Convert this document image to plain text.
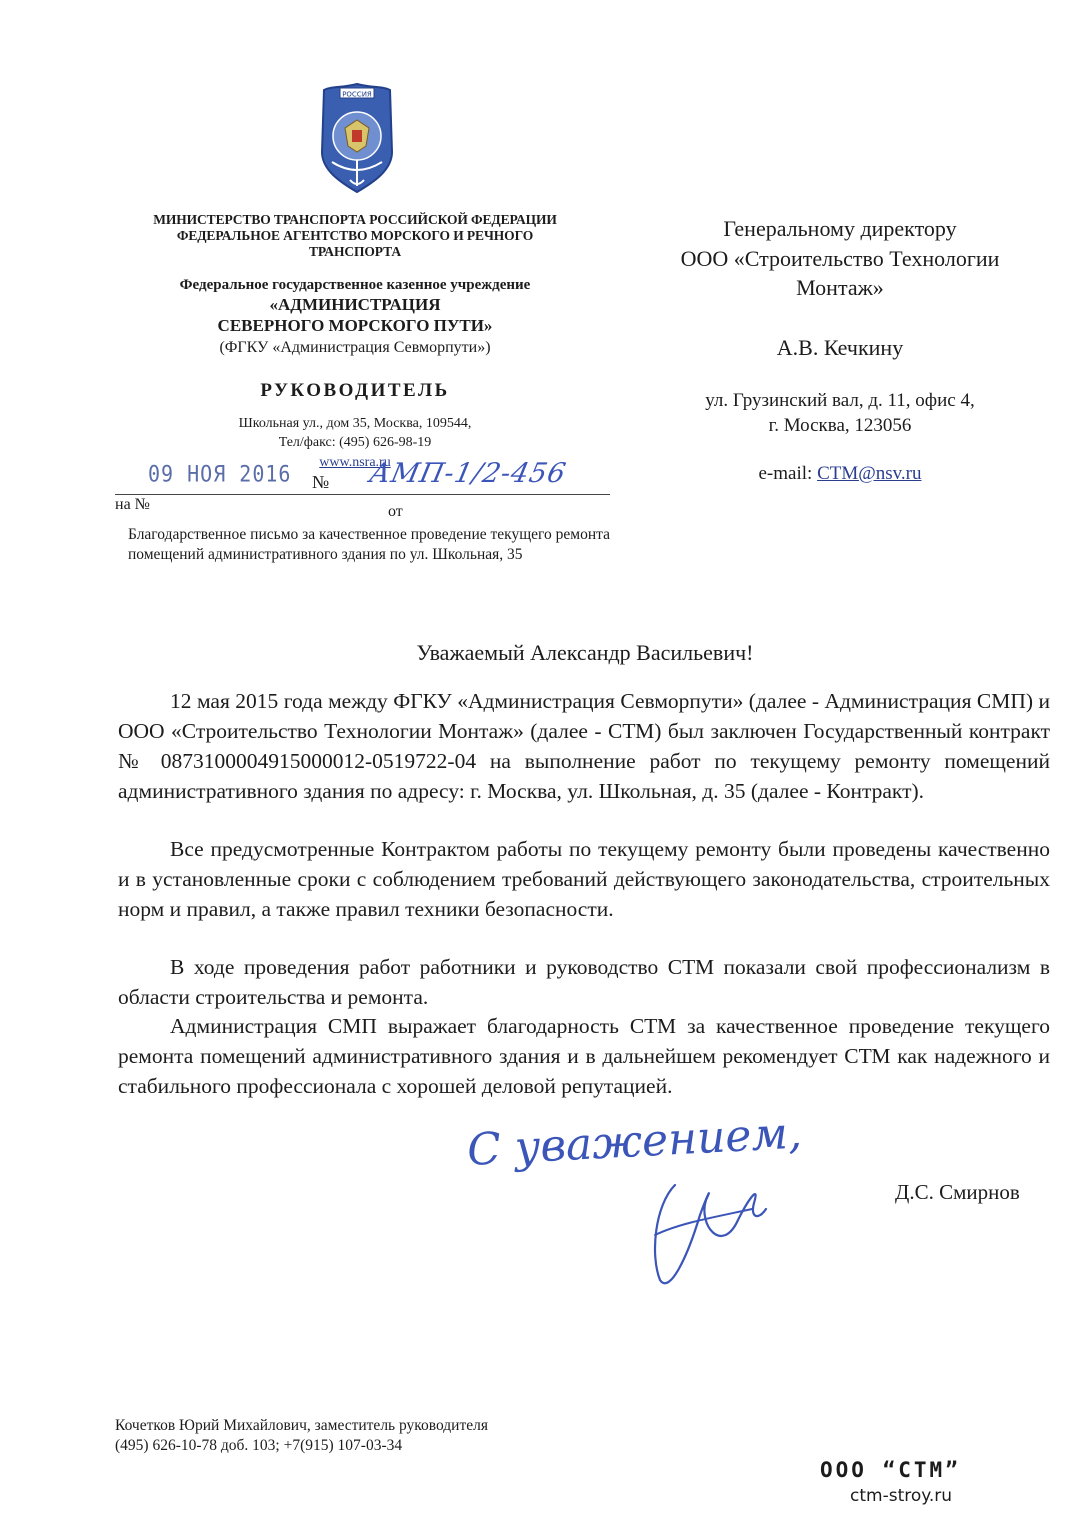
РОССИЯ
МИНИСТЕРСТВО ТРАНСПОРТА РОССИЙСКОЙ ФЕДЕРАЦИИ
ФЕДЕРАЛЬНОЕ АГЕНТСТВО МОРСКОГО И РЕЧНОГО
ТРАНСПОРТА
Федеральное государственное казенное учреждение
«АДМИНИСТРАЦИЯ
СЕВЕРНОГО МОРСКОГО ПУТИ»
(ФГКУ «Администрация Севморпути»)
РУКОВОДИТЕЛЬ
Школьная ул., дом 35, Москва, 109544,
Тел/факс: (495) 626-98-19
www.nsra.ru
09 НОЯ 2016 № АМП-1/2-456
на №	от
Благодарственное письмо за качественное проведение текущего ремонта помещений административного здания по ул. Школьная, 35
Генеральному директору
ООО «Строительство Технологии
Монтаж»
А.В. Кечкину
ул. Грузинский вал, д. 11, офис 4,
г. Москва, 123056
e-mail: CTM@nsv.ru
Уважаемый Александр Васильевич!
12 мая 2015 года между ФГКУ «Администрация Севморпути» (далее - Администрация СМП) и ООО «Строительство Технологии Монтаж» (далее - СТМ) был заключен Государственный контракт № 0873100004915000012-0519722-04 на выполнение работ по текущему ремонту помещений административного здания по адресу: г. Москва, ул. Школьная, д. 35 (далее - Контракт).
Все предусмотренные Контрактом работы по текущему ремонту были проведены качественно и в установленные сроки с соблюдением требований действующего законодательства, строительных норм и правил, а также правил техники безопасности.
В ходе проведения работ работники и руководство СТМ показали свой профессионализм в области строительства и ремонта.
Администрация СМП выражает благодарность СТМ за качественное проведение текущего ремонта помещений административного здания и в дальнейшем рекомендует СТМ как надежного и стабильного профессионала с хорошей деловой репутацией.
С уважением,
Д.С. Смирнов
Кочетков Юрий Михайлович, заместитель руководителя
(495) 626-10-78 доб. 103; +7(915) 107-03-34
ООО “СТМ”
ctm-stroy.ru
